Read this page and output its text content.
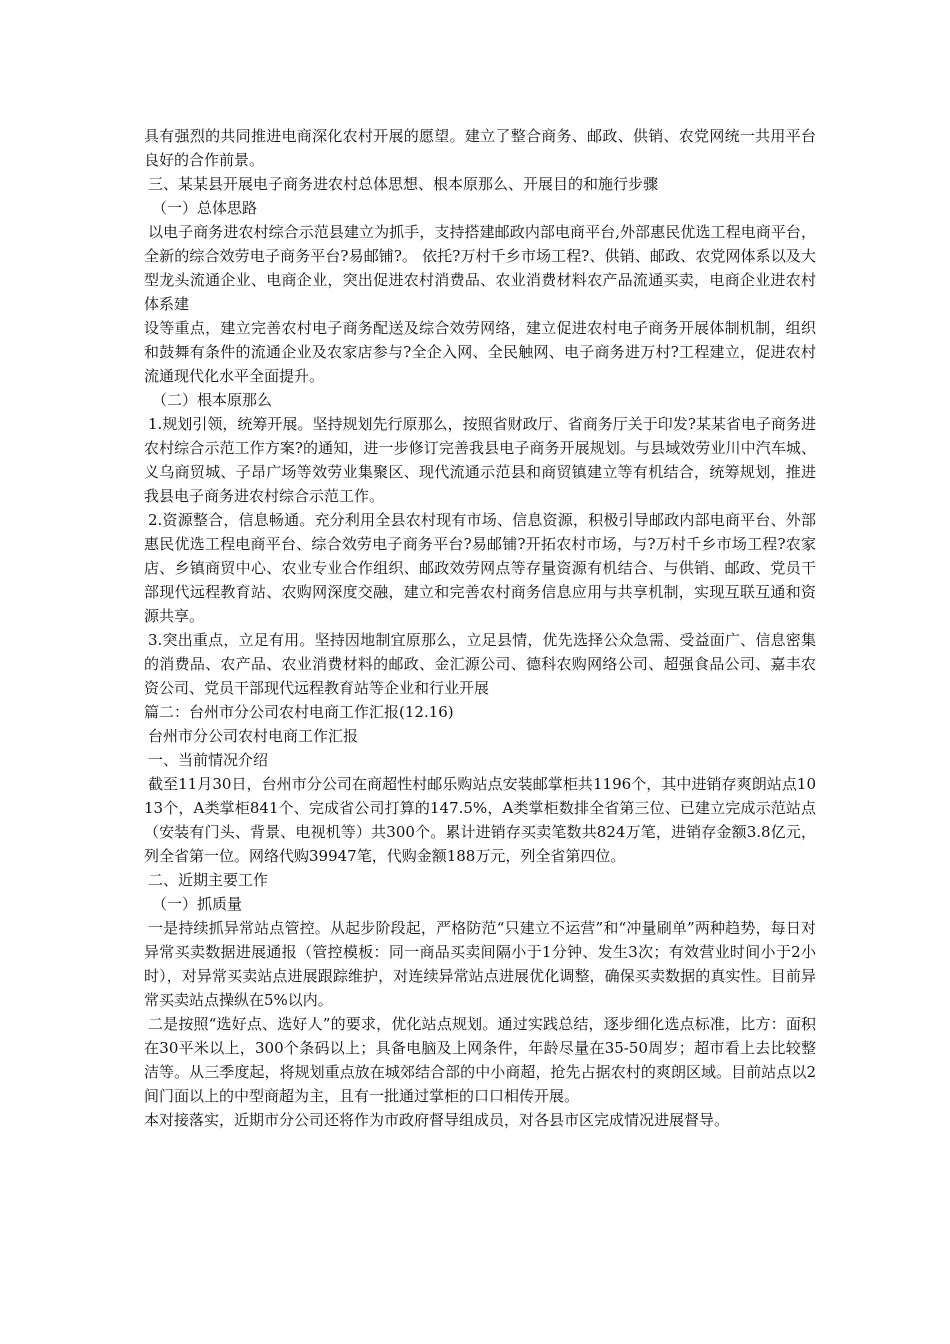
具有强烈的共同推进电商深化农村开展的愿望。建立了整合商务、邮政、供销、农党网统一共用平台良好的合作前景。

三、某某县开展电子商务进农村总体思想、根本原那么、开展目的和施行步骤

（一）总体思路

以电子商务进农村综合示范县建立为抓手，支持搭建邮政内部电商平台,外部惠民优选工程电商平台，全新的综合效劳电子商务平台?易邮铺?。 依托?万村千乡市场工程?、供销、邮政、农党网体系以及大型龙头流通企业、电商企业，突出促进农村消费品、农业消费材料农产品流通买卖，电商企业进农村体系建

设等重点，建立完善农村电子商务配送及综合效劳网络，建立促进农村电子商务开展体制机制，组织和鼓舞有条件的流通企业及农家店参与?全企入网、全民触网、电子商务进万村?工程建立，促进农村流通现代化水平全面提升。

（二）根本原那么

1.规划引领，统筹开展。坚持规划先行原那么，按照省财政厅、省商务厅关于印发?某某省电子商务进农村综合示范工作方案?的通知，进一步修订完善我县电子商务开展规划。与县域效劳业川中汽车城、义乌商贸城、子昂广场等效劳业集聚区、现代流通示范县和商贸镇建立等有机结合，统筹规划，推进我县电子商务进农村综合示范工作。

2.资源整合，信息畅通。充分利用全县农村现有市场、信息资源，积极引导邮政内部电商平台、外部惠民优选工程电商平台、综合效劳电子商务平台?易邮铺?开拓农村市场，与?万村千乡市场工程?农家店、乡镇商贸中心、农业专业合作组织、邮政效劳网点等存量资源有机结合、与供销、邮政、党员干部现代远程教育站、农购网深度交融，建立和完善农村商务信息应用与共享机制，实现互联互通和资源共享。

3.突出重点，立足有用。坚持因地制宜原那么，立足县情，优先选择公众急需、受益面广、信息密集的消费品、农产品、农业消费材料的邮政、金汇源公司、德科农购网络公司、超强食品公司、嘉丰农资公司、党员干部现代远程教育站等企业和行业开展

篇二：台州市分公司农村电商工作汇报(12.16)

台州市分公司农村电商工作汇报

一、当前情况介绍

截至11月30日，台州市分公司在商超性村邮乐购站点安装邮掌柜共1196个，其中进销存爽朗站点1013个，A类掌柜841个、完成省公司打算的147.5%，A类掌柜数排全省第三位、已建立完成示范站点（安装有门头、背景、电视机等）共300个。累计进销存买卖笔数共824万笔，进销存金额3.8亿元，列全省第一位。网络代购39947笔，代购金额188万元，列全省第四位。

二、近期主要工作

（一）抓质量

一是持续抓异常站点管控。从起步阶段起，严格防范“只建立不运营”和“冲量刷单”两种趋势，每日对异常买卖数据进展通报（管控模板：同一商品买卖间隔小于1分钟、发生3次；有效营业时间小于2小时），对异常买卖站点进展跟踪维护，对连续异常站点进展优化调整，确保买卖数据的真实性。目前异常买卖站点操纵在5%以内。

二是按照“选好点、选好人”的要求，优化站点规划。通过实践总结，逐步细化选点标准，比方：面积在30平米以上，300个条码以上；具备电脑及上网条件，年龄尽量在35-50周岁；超市看上去比较整洁等。从三季度起，将规划重点放在城郊结合部的中小商超，抢先占据农村的爽朗区域。目前站点以2间门面以上的中型商超为主，且有一批通过掌柜的口口相传开展。

本对接落实，近期市分公司还将作为市政府督导组成员，对各县市区完成情况进展督导。
